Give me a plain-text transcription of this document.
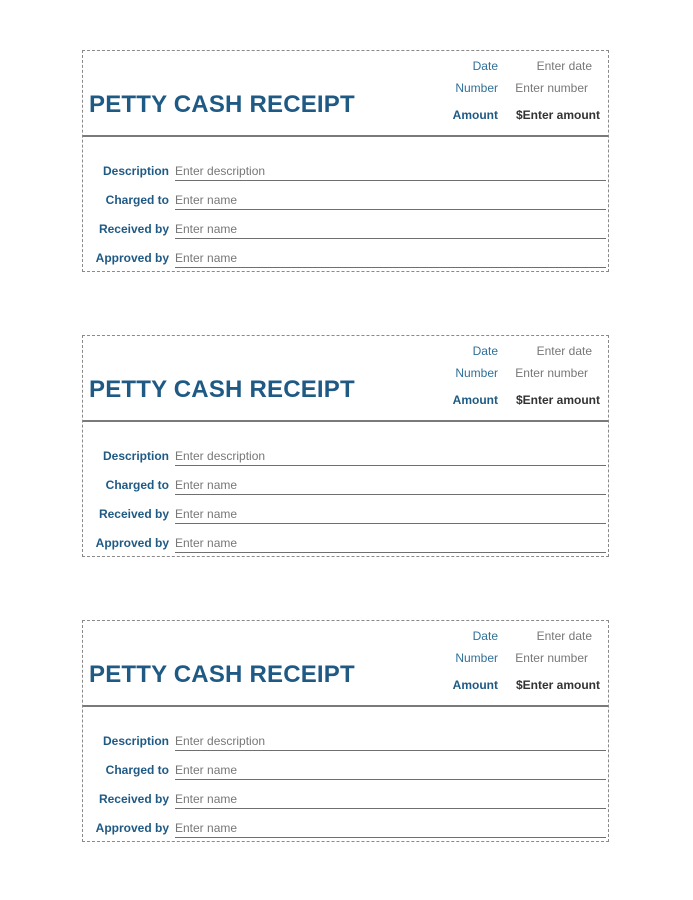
PETTY CASH RECEIPT
Date	Enter date
Number Enter number
Amount $Enter amount
Description Enter description
Charged to Enter name
Received by Enter name
Approved by Enter name
PETTY CASH RECEIPT
Date	Enter date
Number Enter number
Amount $Enter amount
Description Enter description
Charged to Enter name
Received by Enter name
Approved by Enter name
PETTY CASH RECEIPT
Date	Enter date
Number Enter number
Amount $Enter amount
Description Enter description
Charged to Enter name
Received by Enter name
Approved by Enter name
